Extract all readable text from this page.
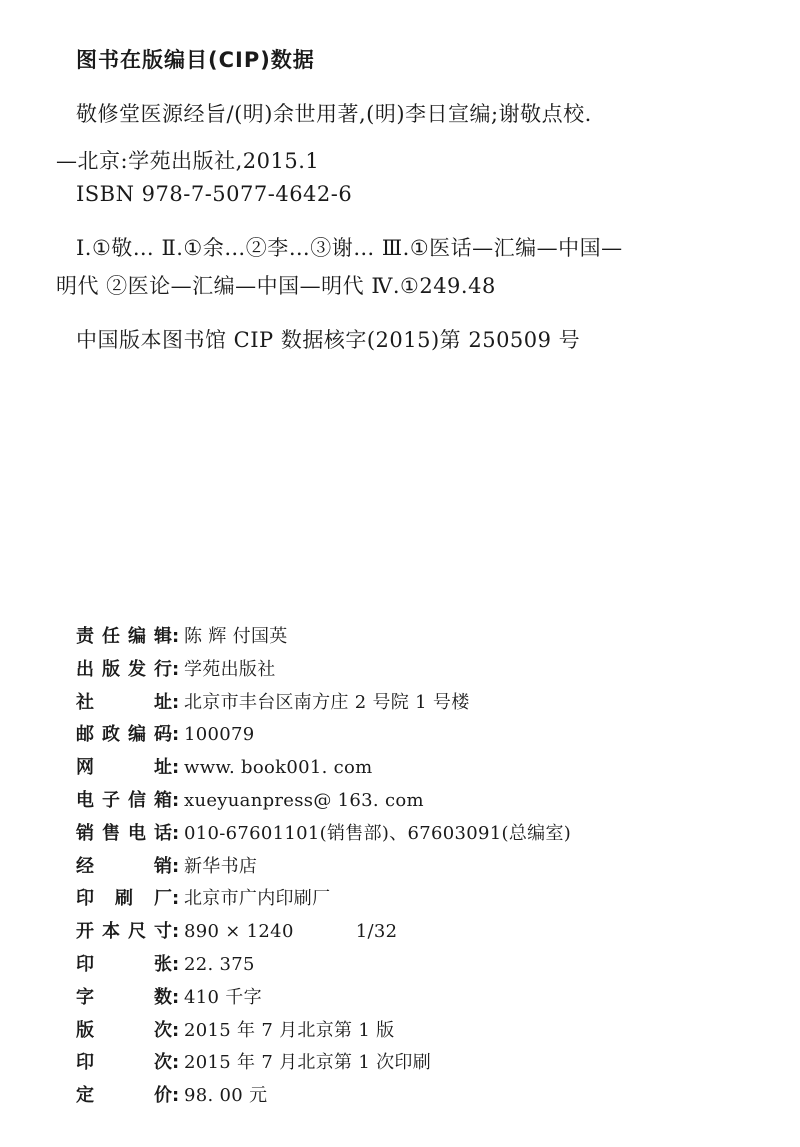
图书在版编目(CIP)数据
敬修堂医源经旨/(明)余世用著,(明)李日宣编;谢敬点校.
—北京:学苑出版社,2015.1
ISBN 978-7-5077-4642-6
Ⅰ.①敬… Ⅱ.①余…②李…③谢… Ⅲ.①医话—汇编—中国—
明代 ②医论—汇编—中国—明代 Ⅳ.①249.48
中国版本图书馆 CIP 数据核字(2015)第 250509 号
责 任 编 辑 : 陈 辉 付国英
出 版 发 行 : 学苑出版社
社	址 : 北京市丰台区南方庄 2 号院 1 号楼
邮 政 编 码 : 100079
网	址 : www. book001. com
电 子 信 箱 : xueyuanpress@ 163. com
销 售 电 话 : 010-67601101(销售部)、67603091(总编室)
经	销 : 新华书店
印 刷 厂 : 北京市广内印刷厂
开 本 尺 寸 : 890 × 1240	1/32
印	张 : 22. 375
字	数 : 410 千字
版	次 : 2015 年 7 月北京第 1 版
印	次 : 2015 年 7 月北京第 1 次印刷
定	价 : 98. 00 元
